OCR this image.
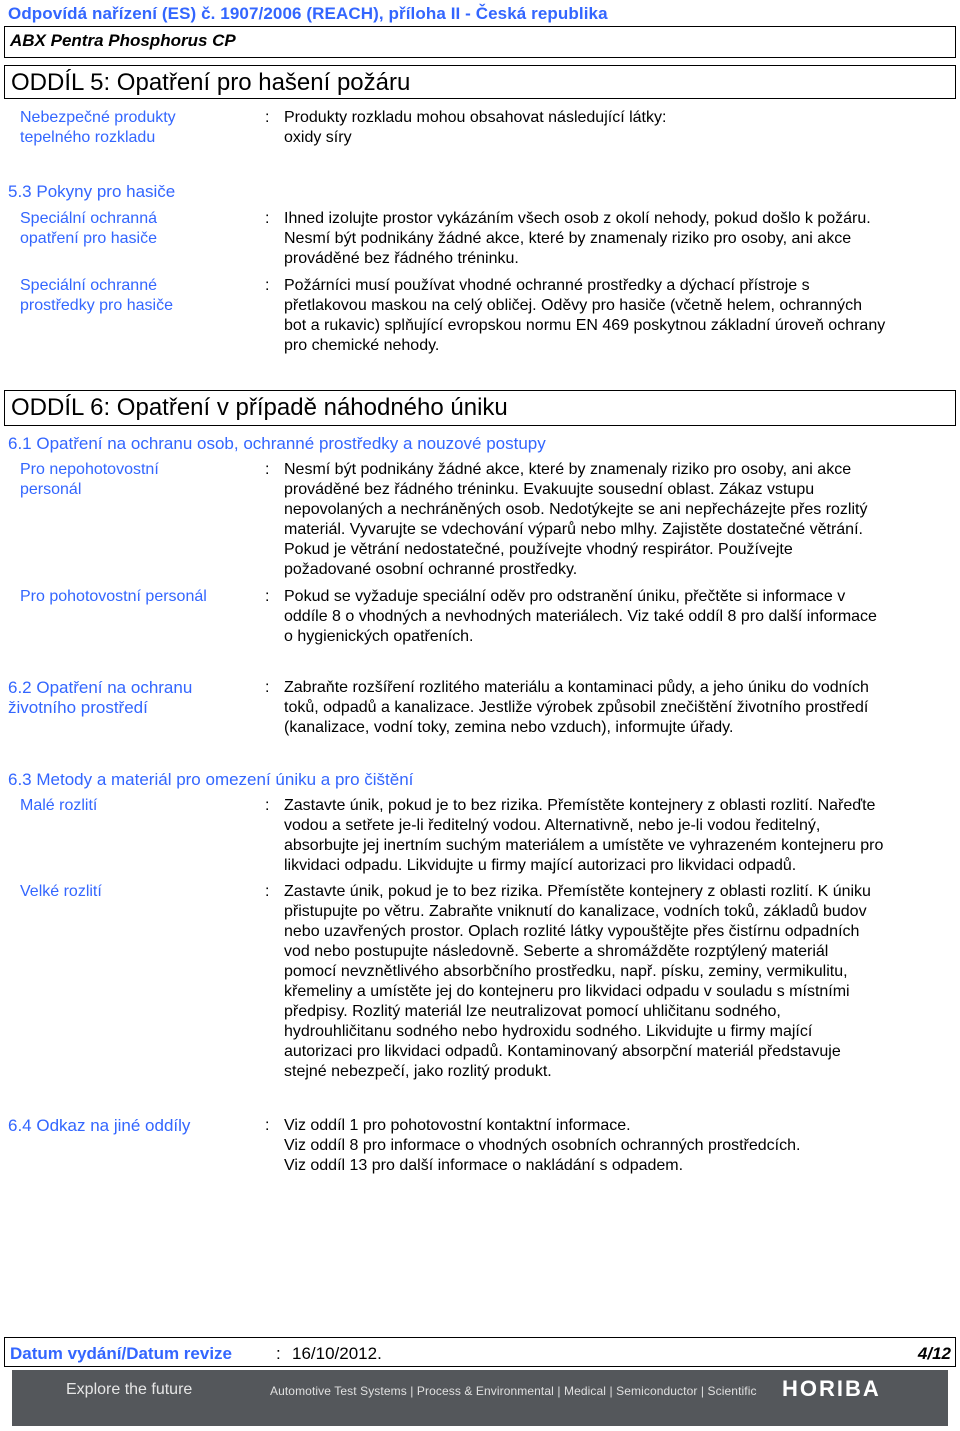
Odpovídá nařízení (ES) č. 1907/2006 (REACH), příloha II - Česká republika
ABX Pentra Phosphorus CP
ODDÍL 5: Opatření pro hašení požáru
Nebezpečné produkty
tepelného rozkladu
: Produkty rozkladu mohou obsahovat následující látky:
oxidy síry
5.3 Pokyny pro hasiče
Speciální ochranná
opatření pro hasiče
: Ihned izolujte prostor vykázáním všech osob z okolí nehody, pokud došlo k požáru.
Nesmí být podnikány žádné akce, které by znamenaly riziko pro osoby, ani akce
prováděné bez řádného tréninku.
Speciální ochranné
prostředky pro hasiče
: Požárníci musí používat vhodné ochranné prostředky a dýchací přístroje s
přetlakovou maskou na celý obličej. Oděvy pro hasiče (včetně helem, ochranných
bot a rukavic) splňující evropskou normu EN 469 poskytnou základní úroveň ochrany
pro chemické nehody.
ODDÍL 6: Opatření v případě náhodného úniku
6.1 Opatření na ochranu osob, ochranné prostředky a nouzové postupy
Pro nepohotovostní
personál
: Nesmí být podnikány žádné akce, které by znamenaly riziko pro osoby, ani akce
prováděné bez řádného tréninku. Evakuujte sousední oblast. Zákaz vstupu
nepovolaných a nechráněných osob. Nedotýkejte se ani nepřecházejte přes rozlitý
materiál. Vyvarujte se vdechování výparů nebo mlhy. Zajistěte dostatečné větrání.
Pokud je větrání nedostatečné, používejte vhodný respirátor. Používejte
požadované osobní ochranné prostředky.
Pro pohotovostní personál	: Pokud se vyžaduje speciální oděv pro odstranění úniku, přečtěte si informace v
oddíle 8 o vhodných a nevhodných materiálech. Viz také oddíl 8 pro další informace
o hygienických opatřeních.
6.2 Opatření na ochranu
životního prostředí
: Zabraňte rozšíření rozlitého materiálu a kontaminaci půdy, a jeho úniku do vodních
toků, odpadů a kanalizace. Jestliže výrobek způsobil znečištění životního prostředí
(kanalizace, vodní toky, zemina nebo vzduch), informujte úřady.
6.3 Metody a materiál pro omezení úniku a pro čištění
Malé rozlití	: Zastavte únik, pokud je to bez rizika. Přemístěte kontejnery z oblasti rozlití. Nařeďte
vodou a setřete je-li ředitelný vodou. Alternativně, nebo je-li vodou ředitelný,
absorbujte jej inertním suchým materiálem a umístěte ve vyhrazeném kontejneru pro
likvidaci odpadu. Likvidujte u firmy mající autorizaci pro likvidaci odpadů.
Velké rozlití	: Zastavte únik, pokud je to bez rizika. Přemístěte kontejnery z oblasti rozlití. K úniku
přistupujte po větru. Zabraňte vniknutí do kanalizace, vodních toků, základů budov
nebo uzavřených prostor. Oplach rozlité látky vypouštějte přes čistírnu odpadních
vod nebo postupujte následovně. Seberte a shromážděte rozptýlený materiál
pomocí nevznětlivého absorbčního prostředku, např. písku, zeminy, vermikulitu,
křemeliny a umístěte jej do kontejneru pro likvidaci odpadu v souladu s místními
předpisy. Rozlitý materiál lze neutralizovat pomocí uhličitanu sodného,
hydrouhličitanu sodného nebo hydroxidu sodného. Likvidujte u firmy mající
autorizaci pro likvidaci odpadů. Kontaminovaný absorpční materiál představuje
stejné nebezpečí, jako rozlitý produkt.
6.4 Odkaz na jiné oddíly	: Viz oddíl 1 pro pohotovostní kontaktní informace.
Viz oddíl 8 pro informace o vhodných osobních ochranných prostředcích.
Viz oddíl 13 pro další informace o nakládání s odpadem.
Datum vydání/Datum revize	: 16/10/2012.	4/12
Explore the future	Automotive Test Systems | Process & Environmental | Medical | Semiconductor | Scientific HORIBA
